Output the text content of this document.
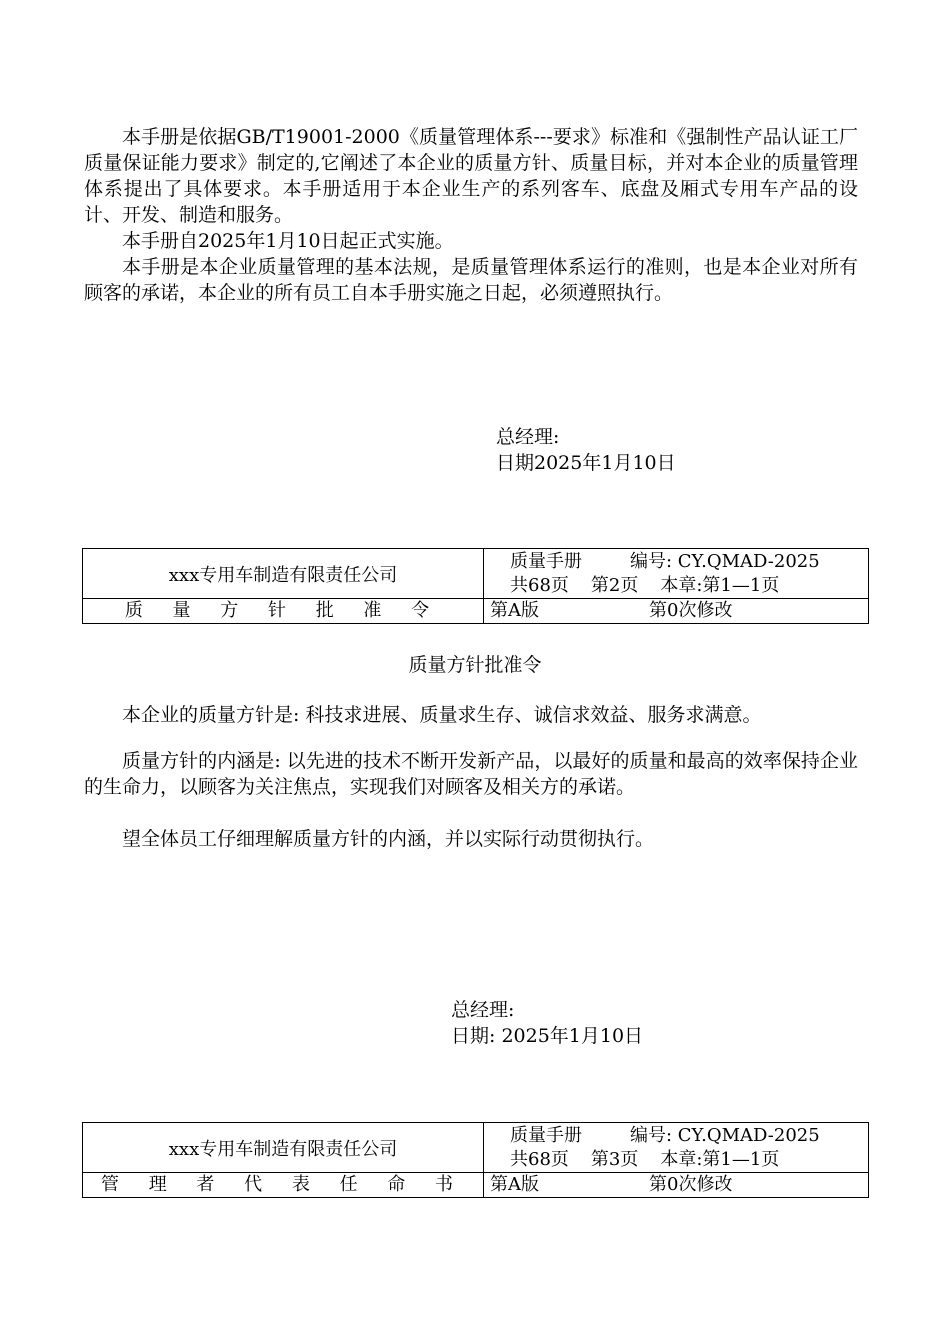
本手册是依据GB/T19001-2000《质量管理体系---要求》标准和《强制性产品认证工厂质量保证能力要求》制定的,它阐述了本企业的质量方针、质量目标，并对本企业的质量管理体系提出了具体要求。本手册适用于本企业生产的系列客车、底盘及厢式专用车产品的设计、开发、制造和服务。

本手册自2025年1月10日起正式实施。

本手册是本企业质量管理的基本法规，是质量管理体系运行的准则，也是本企业对所有顾客的承诺，本企业的所有员工自本手册实施之日起，必须遵照执行。

总经理:
日期2025年1月10日
xxx专用车制造有限责任公司	质量手册 编号: CY.QMAD-2025
共68页 第2页 本章:第1—1页

质 量 方 针 批 准 令	第A版 第0次修改
质量方针批准令

本企业的质量方针是: 科技求进展、质量求生存、诚信求效益、服务求满意。

质量方针的内涵是: 以先进的技术不断开发新产品，以最好的质量和最高的效率保持企业的生命力，以顾客为关注焦点，实现我们对顾客及相关方的承诺。

望全体员工仔细理解质量方针的内涵，并以实际行动贯彻执行。

总经理:
日期: 2025年1月10日
xxx专用车制造有限责任公司	质量手册 编号: CY.QMAD-2025
共68页 第3页 本章:第1—1页

管 理 者 代 表 任 命 书	第A版 第0次修改
